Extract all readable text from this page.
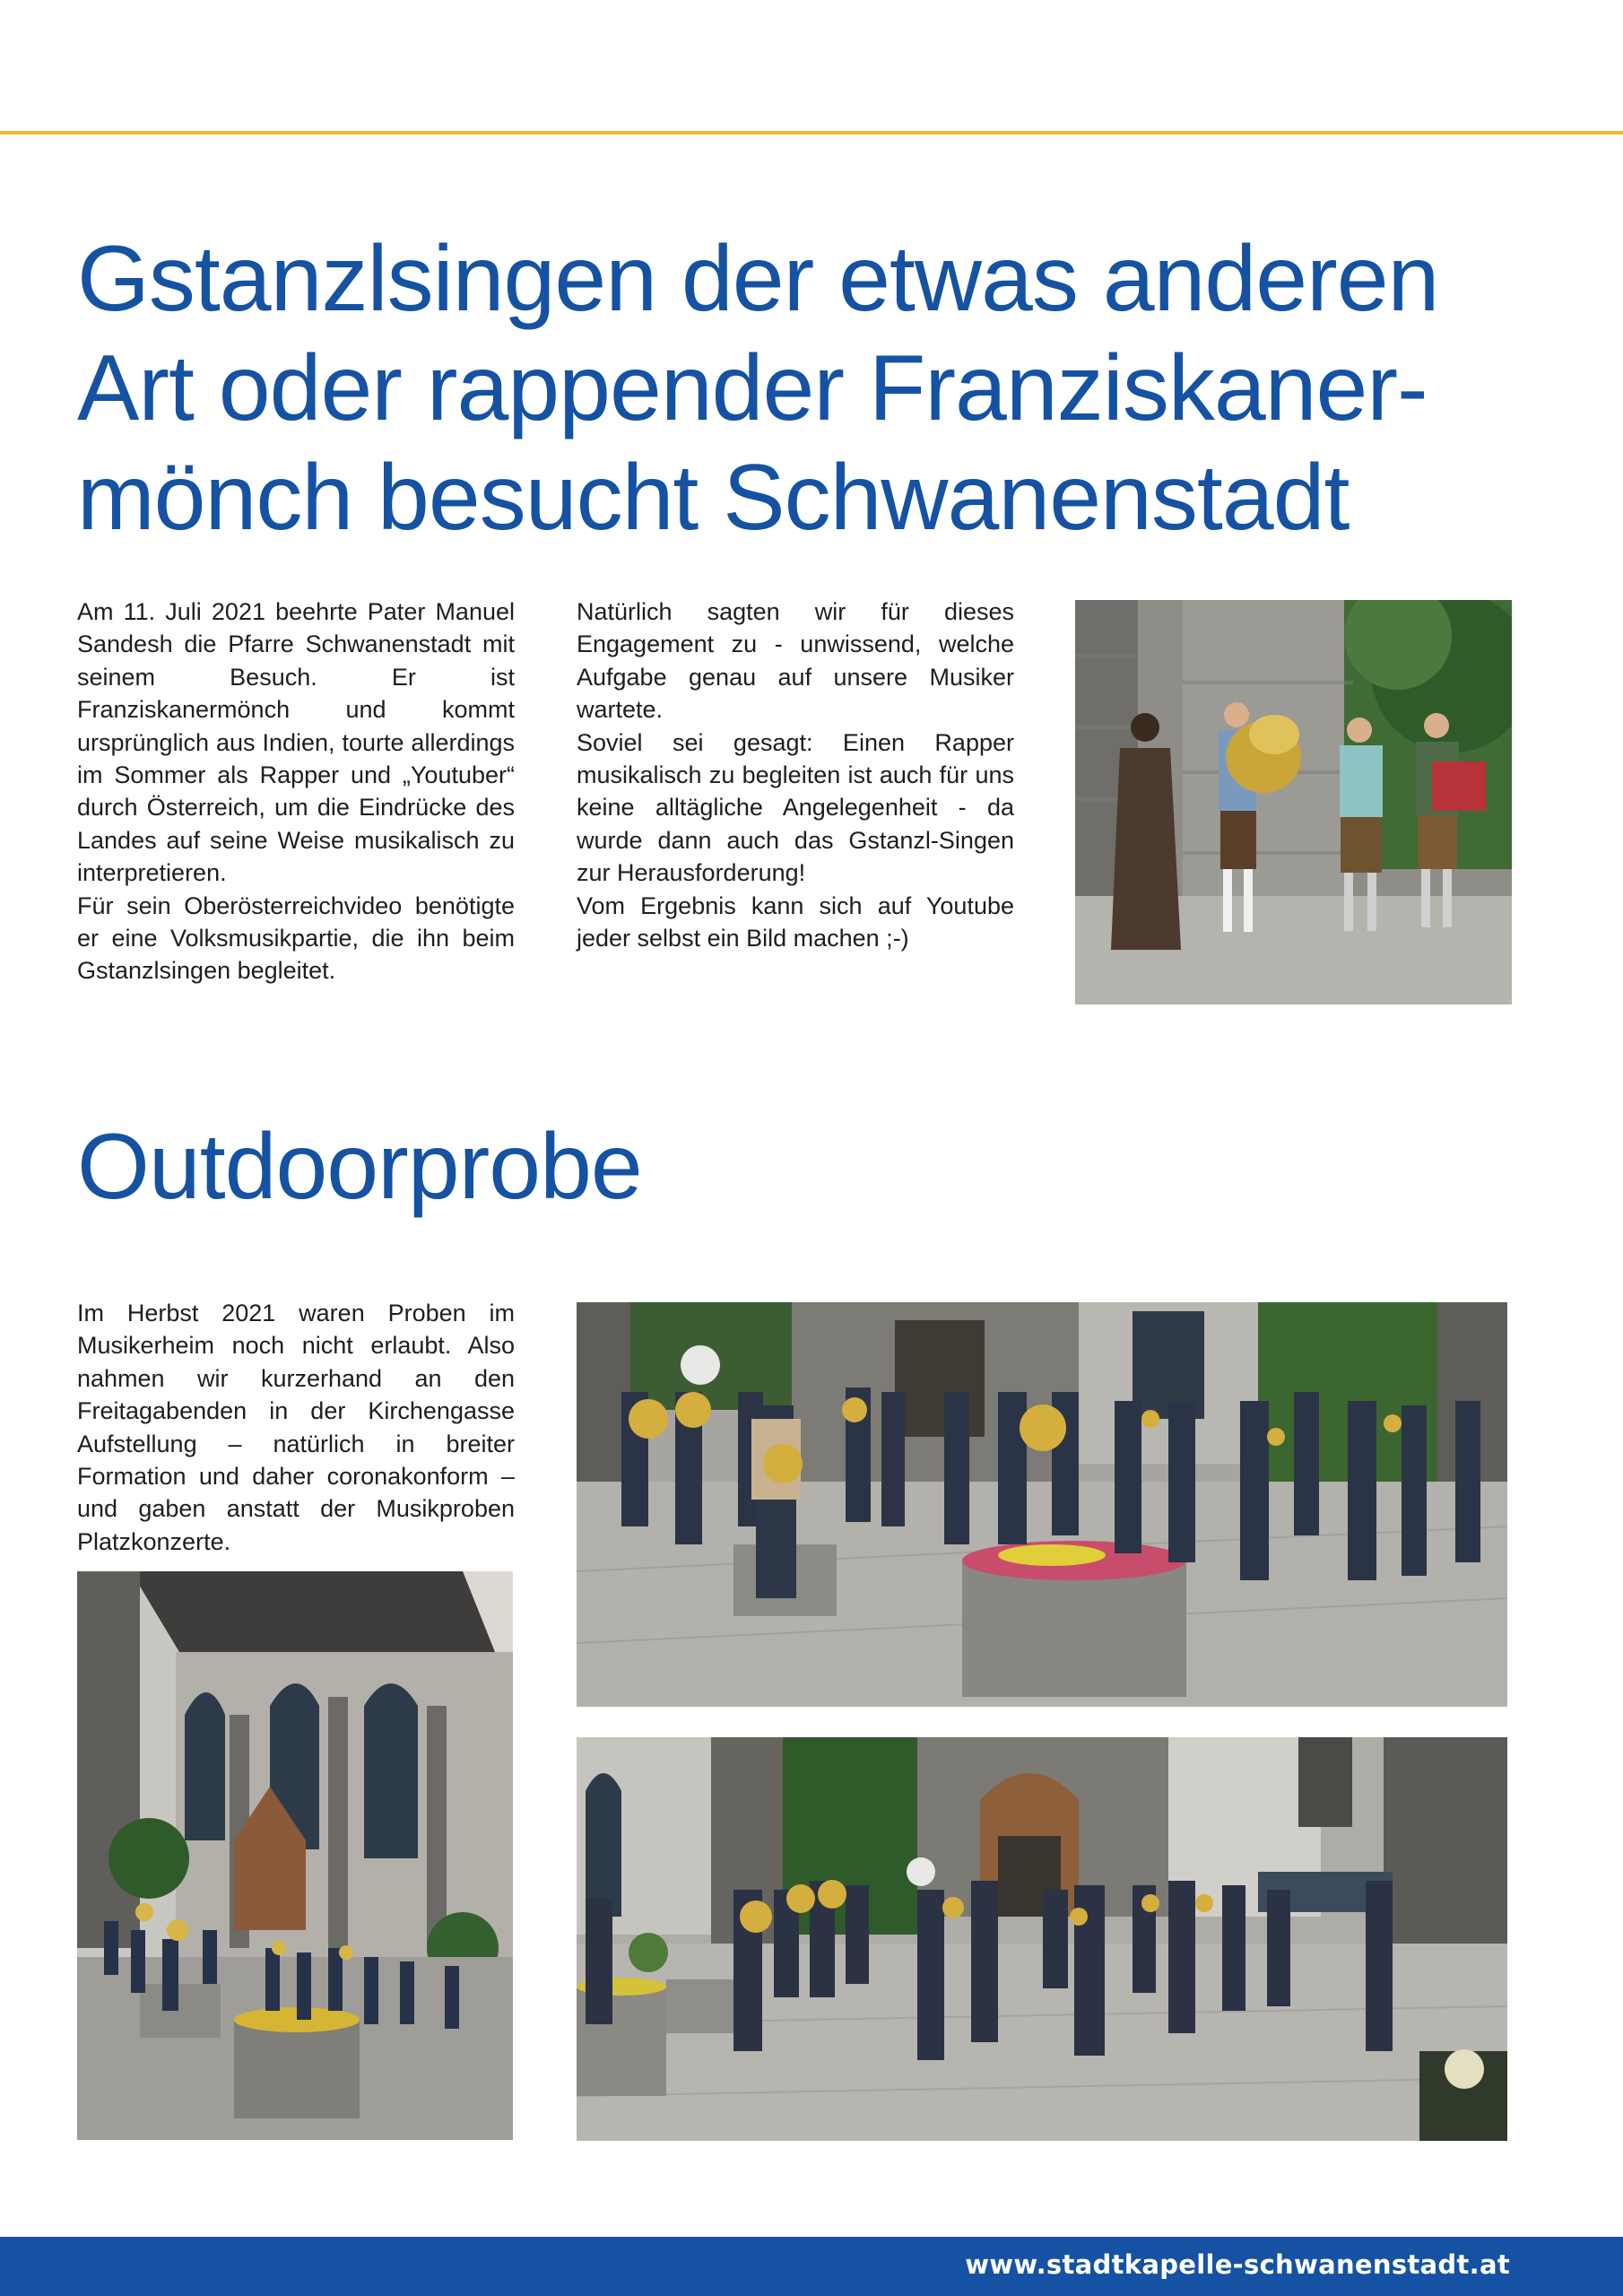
Gstanzlsingen der etwas anderen Art oder rappender Franziskaner-mönch besucht Schwanenstadt

Am 11. Juli 2021 beehrte Pater Manuel Sandesh die Pfarre Schwanenstadt mit seinem Besuch. Er ist Franziskanermönch und kommt ursprünglich aus Indien, tourte allerdings im Sommer als Rapper und „Youtuber“ durch Österreich, um die Eindrücke des Landes auf seine Weise musikalisch zu interpretieren.

Für sein Oberösterreichvideo benötigte er eine Volksmusikpartie, die ihn beim Gstanzlsingen begleitet.

Natürlich sagten wir für dieses Engagement zu - unwissend, welche Aufgabe genau auf unsere Musiker wartete.

Soviel sei gesagt: Einen Rapper musikalisch zu begleiten ist auch für uns keine alltägliche Angelegenheit - da wurde dann auch das Gstanzl-Singen zur Herausforderung!

Vom Ergebnis kann sich auf Youtube jeder selbst ein Bild machen ;-)

Outdoorprobe

Im Herbst 2021 waren Proben im Musikerheim noch nicht erlaubt. Also nahmen wir kurzerhand an den Freitagabenden in der Kirchengasse Aufstellung – natürlich in breiter Formation und daher coronakonform – und gaben anstatt der Musikproben Platzkonzerte.

www.stadtkapelle-schwanenstadt.at
